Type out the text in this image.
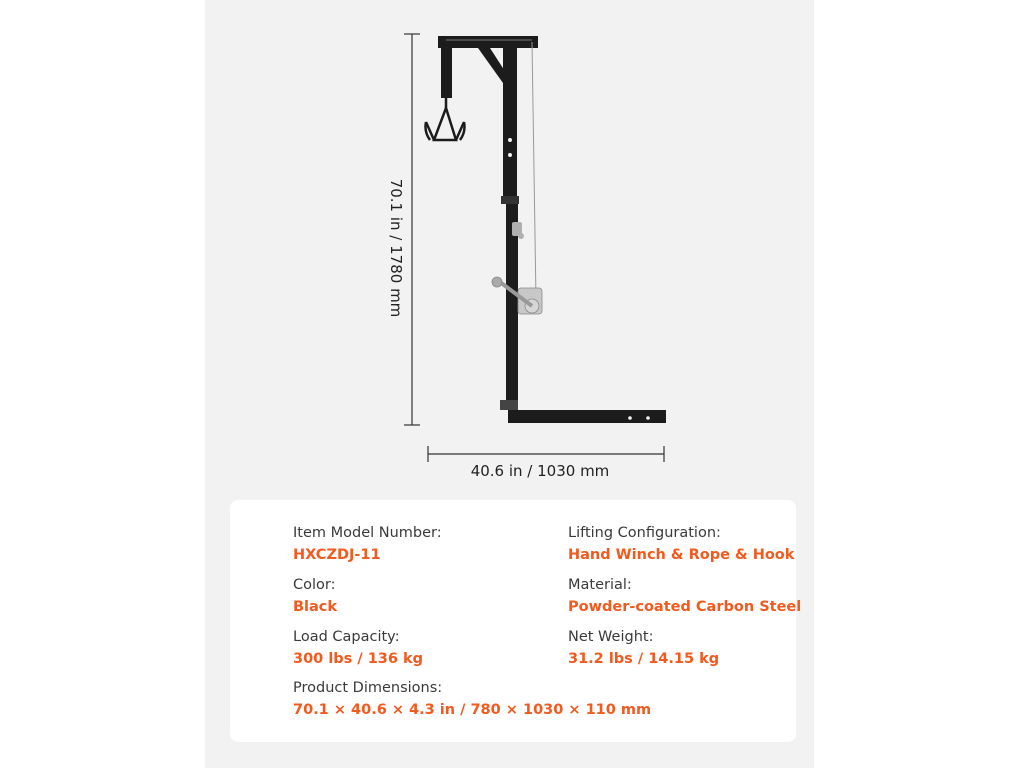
70.1 in / 1780 mm
40.6 in / 1030 mm
Item Model Number:
HXCZDJ-11
Lifting Configuration:
Hand Winch & Rope & Hook
Color:
Black
Material:
Powder-coated Carbon Steel
Load Capacity:
300 lbs / 136 kg
Net Weight:
31.2 lbs / 14.15 kg
Product Dimensions:
70.1 × 40.6 × 4.3 in / 780 × 1030 × 110 mm
